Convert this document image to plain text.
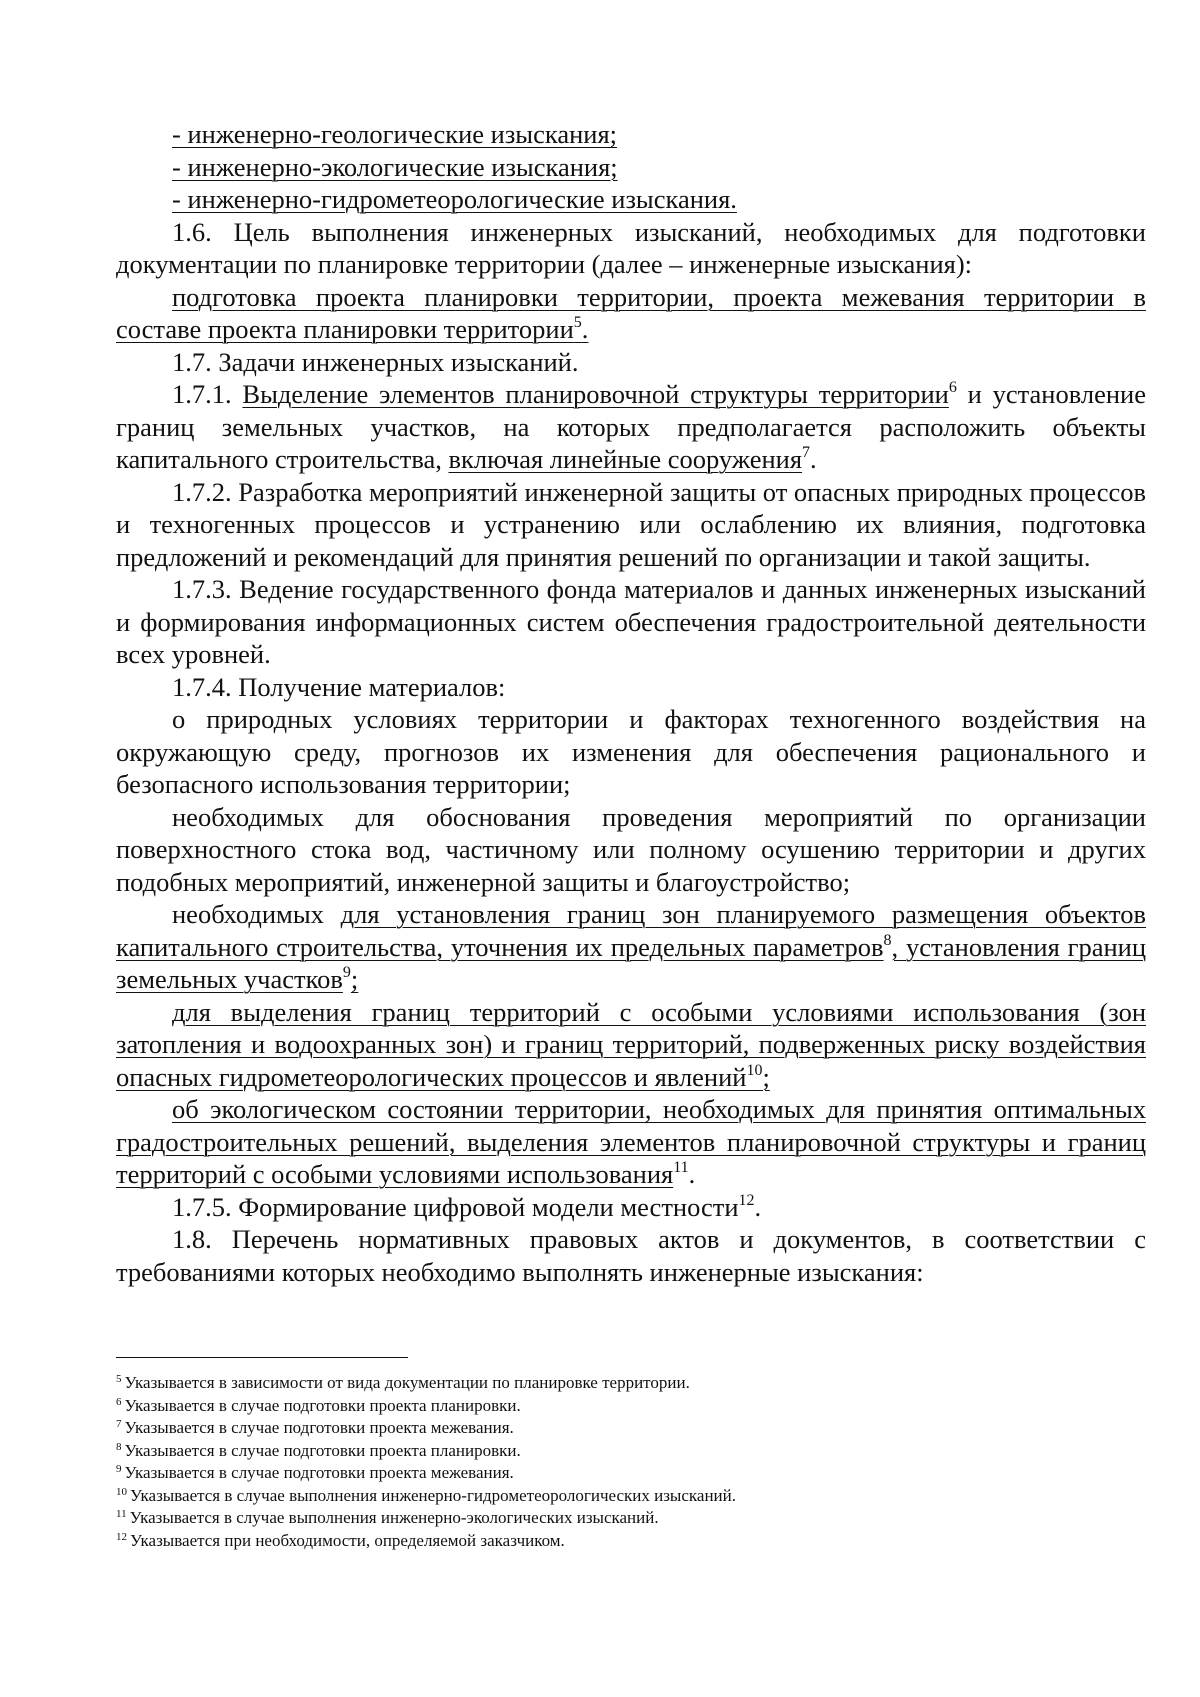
- инженерно-геологические изыскания;

- инженерно-экологические изыскания;

- инженерно-гидрометеорологические изыскания.

1.6. Цель выполнения инженерных изысканий, необходимых для подготовки документации по планировке территории (далее – инженерные изыскания):

подготовка проекта планировки территории, проекта межевания территории в составе проекта планировки территории$^5$.

1.7. Задачи инженерных изысканий.

1.7.1. Выделение элементов планировочной структуры территории$^6$ и установление границ земельных участков, на которых предполагается расположить объекты капитального строительства, включая линейные сооружения$^7$.

1.7.2. Разработка мероприятий инженерной защиты от опасных природных процессов и техногенных процессов и устранению или ослаблению их влияния, подготовка предложений и рекомендаций для принятия решений по организации и такой защиты.

1.7.3. Ведение государственного фонда материалов и данных инженерных изысканий и формирования информационных систем обеспечения градостроительной деятельности всех уровней.

1.7.4. Получение материалов:

о природных условиях территории и факторах техногенного воздействия на окружающую среду, прогнозов их изменения для обеспечения рационального и безопасного использования территории;

необходимых для обоснования проведения мероприятий по организации поверхностного стока вод, частичному или полному осушению территории и других подобных мероприятий, инженерной защиты и благоустройство;

необходимых для установления границ зон планируемого размещения объектов капитального строительства, уточнения их предельных параметров$^8$, установления границ земельных участков$^9$;

для выделения границ территорий с особыми условиями использования (зон затопления и водоохранных зон) и границ территорий, подверженных риску воздействия опасных гидрометеорологических процессов и явлений$^{10}$;

об экологическом состоянии территории, необходимых для принятия оптимальных градостроительных решений, выделения элементов планировочной структуры и границ территорий с особыми условиями использования$^{11}$.

1.7.5. Формирование цифровой модели местности$^{12}$.

1.8. Перечень нормативных правовых актов и документов, в соответствии с требованиями которых необходимо выполнять инженерные изыскания:

$^5$ Указывается в зависимости от вида документации по планировке территории.

$^6$ Указывается в случае подготовки проекта планировки.

$^7$ Указывается в случае подготовки проекта межевания.

$^8$ Указывается в случае подготовки проекта планировки.

$^9$ Указывается в случае подготовки проекта межевания.

$^{10}$ Указывается в случае выполнения инженерно-гидрометеорологических изысканий.

$^{11}$ Указывается в случае выполнения инженерно-экологических изысканий.

$^{12}$ Указывается при необходимости, определяемой заказчиком.
